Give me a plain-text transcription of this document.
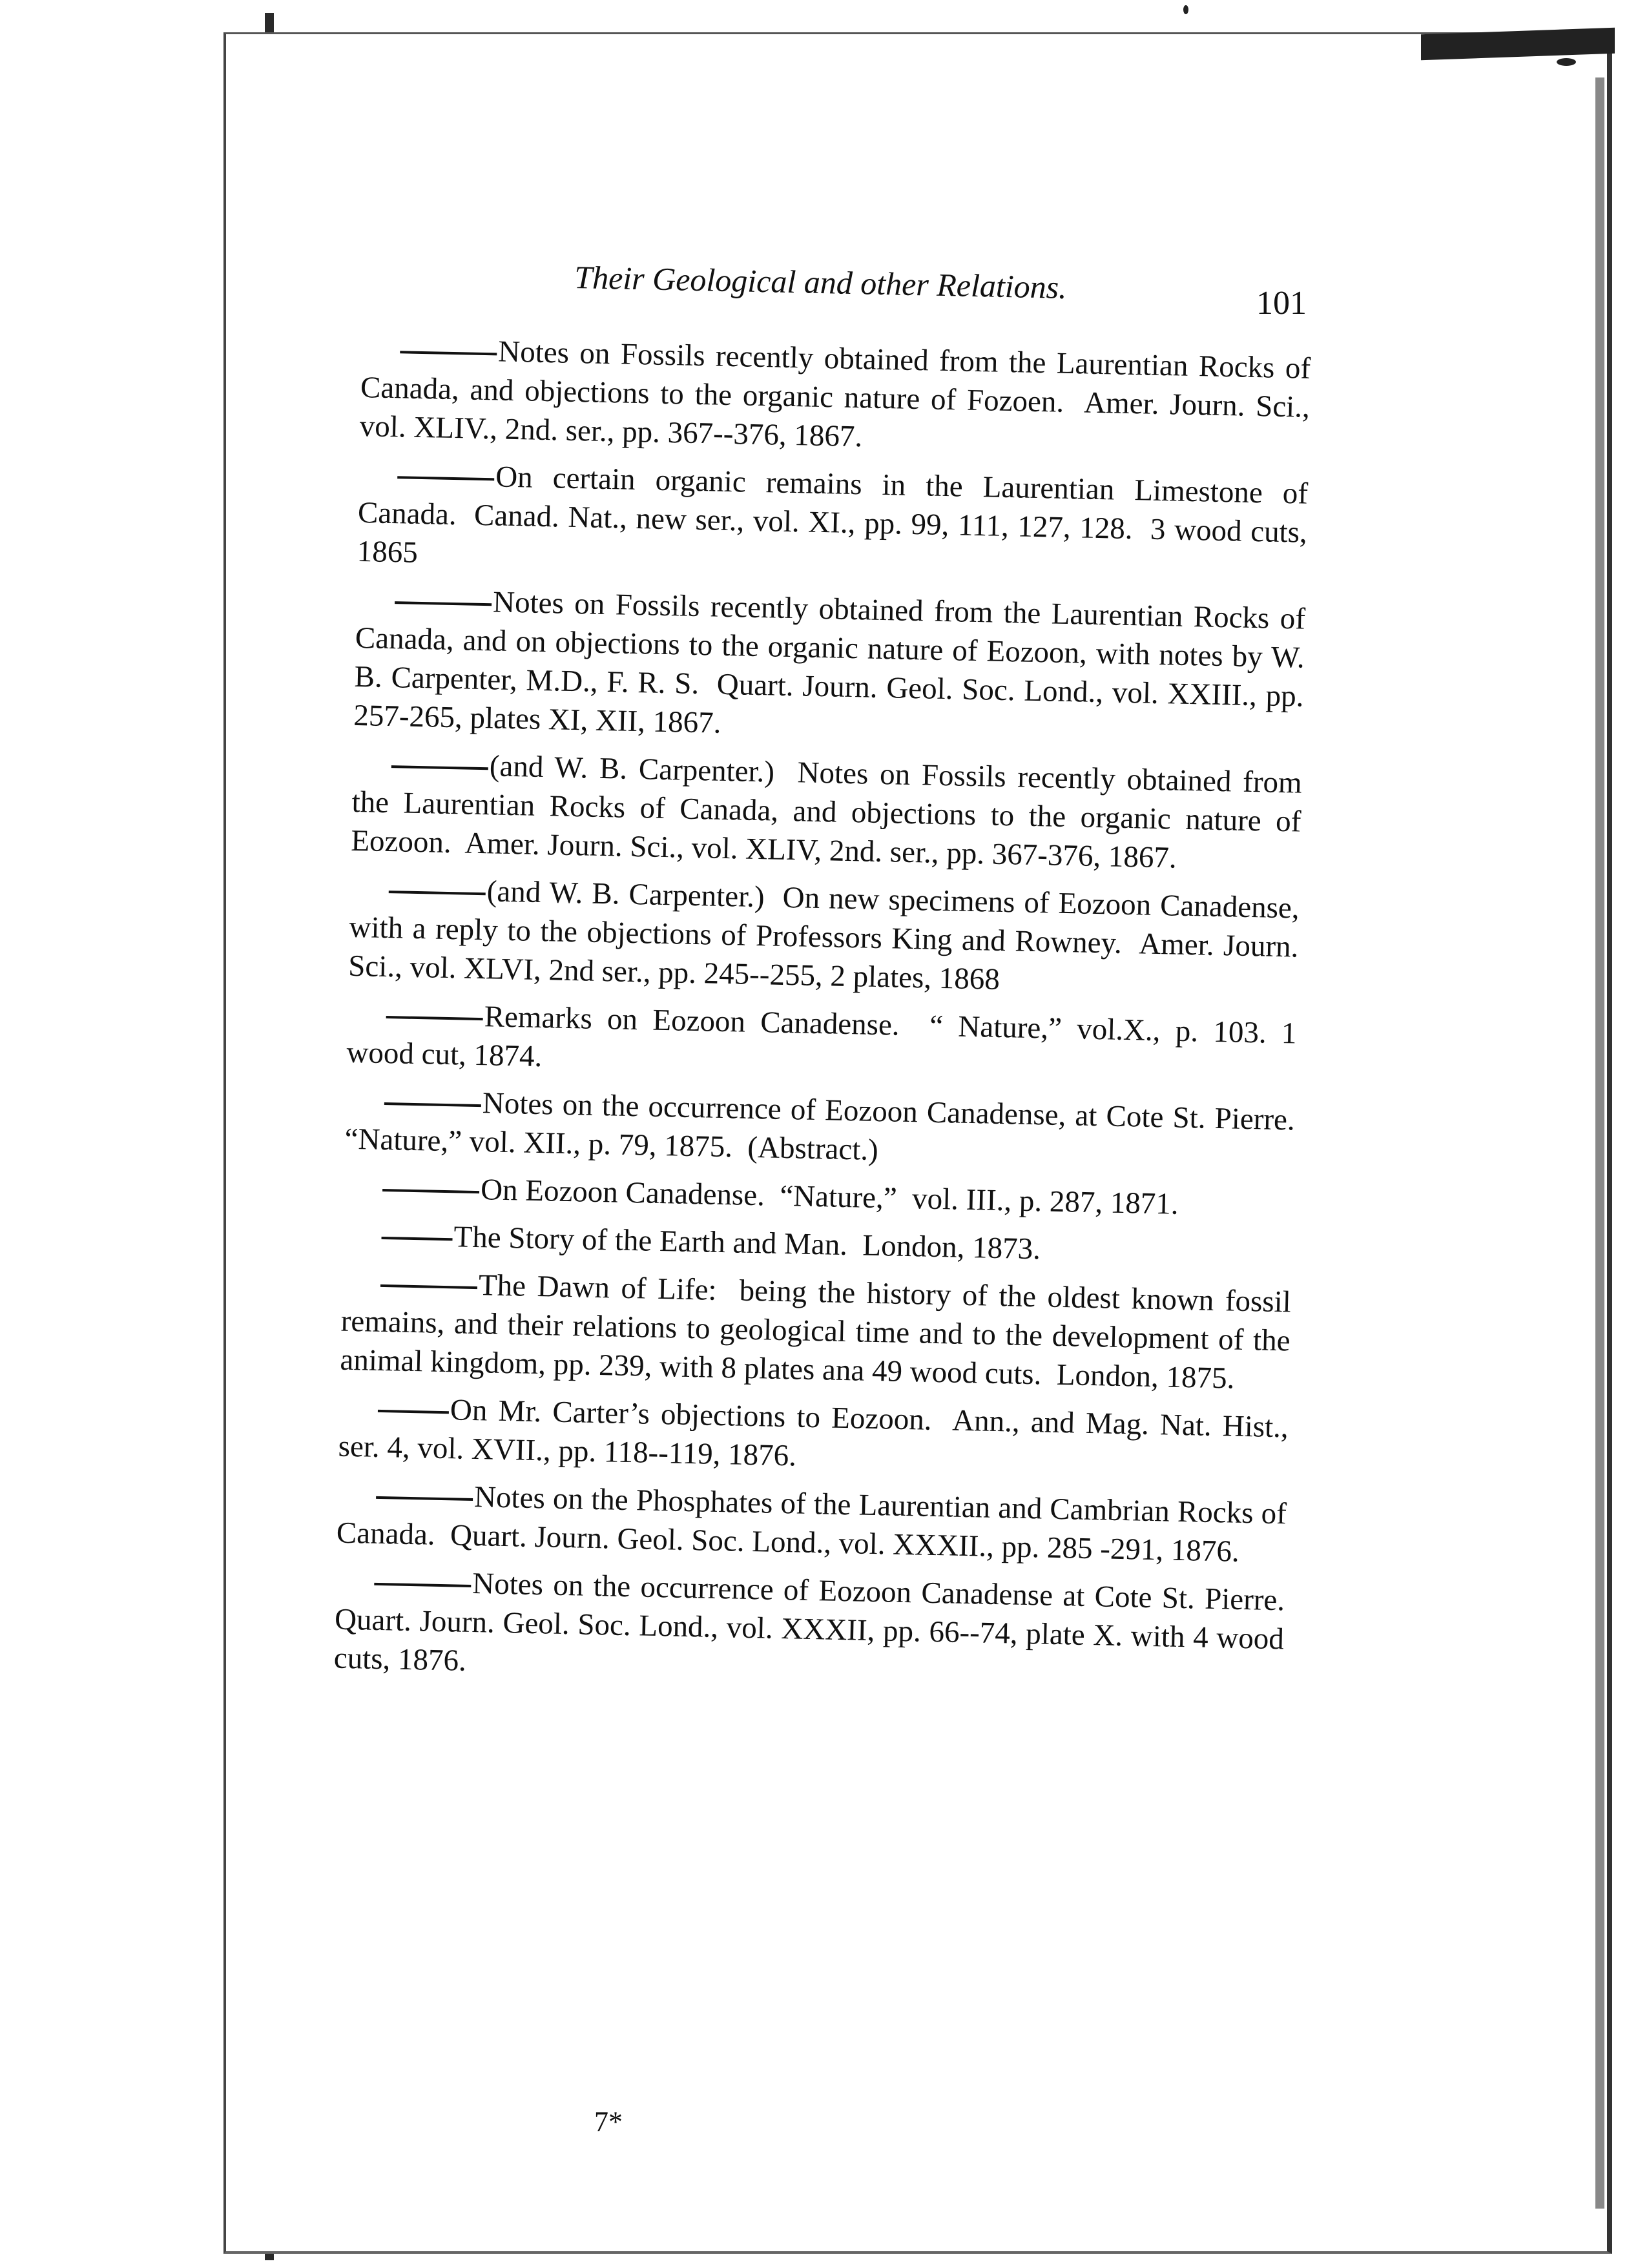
Their Geological and other Relations.	101

Notes on Fossils recently obtained from the Laurentian Rocks of Canada, and objections to the organic nature of Fozoen.  Amer. Journ. Sci., vol. XLIV., 2nd. ser., pp. 367--376, 1867.

On certain organic remains in the Laurentian Limestone of Canada.  Canad. Nat., new ser., vol. XI., pp. 99, 111, 127, 128.  3 wood cuts, 1865

Notes on Fossils recently obtained from the Laurentian Rocks of Canada, and on objections to the organic nature of Eozoon, with notes by W. B. Carpenter, M.D., F. R. S.  Quart. Journ. Geol. Soc. Lond., vol. XXIII., pp. 257-265, plates XI, XII, 1867.

(and W. B. Carpenter.)  Notes on Fossils recently obtained from the Laurentian Rocks of Canada, and objections to the organic nature of Eozoon.  Amer. Journ. Sci., vol. XLIV, 2nd. ser., pp. 367-376, 1867.

(and W. B. Carpenter.)  On new specimens of Eozoon Canadense, with a reply to the objections of Professors King and Rowney.  Amer. Journ. Sci., vol. XLVI, 2nd ser., pp. 245--255, 2 plates, 1868

Remarks on Eozoon Canadense.  “ Nature,” vol.X., p. 103. 1 wood cut, 1874.

Notes on the occurrence of Eozoon Canadense, at Cote St. Pierre.  “Nature,” vol. XII., p. 79, 1875.  (Abstract.)

On Eozoon Canadense.  “Nature,”  vol. III., p. 287, 1871.

The Story of the Earth and Man.  London, 1873.

The Dawn of Life:  being the history of the oldest known fossil remains, and their relations to geological time and to the development of the animal kingdom, pp. 239, with 8 plates ana 49 wood cuts.  London, 1875.

On Mr. Carter’s objections to Eozoon.  Ann., and Mag. Nat. Hist., ser. 4, vol. XVII., pp. 118--119, 1876.

Notes on the Phosphates of the Laurentian and Cambrian Rocks of Canada.  Quart. Journ. Geol. Soc. Lond., vol. XXXII., pp. 285 -291, 1876.

Notes on the occurrence of Eozoon Canadense at Cote St. Pierre.  Quart. Journ. Geol. Soc. Lond., vol. XXXII, pp. 66--74, plate X. with 4 wood cuts, 1876.

7*
